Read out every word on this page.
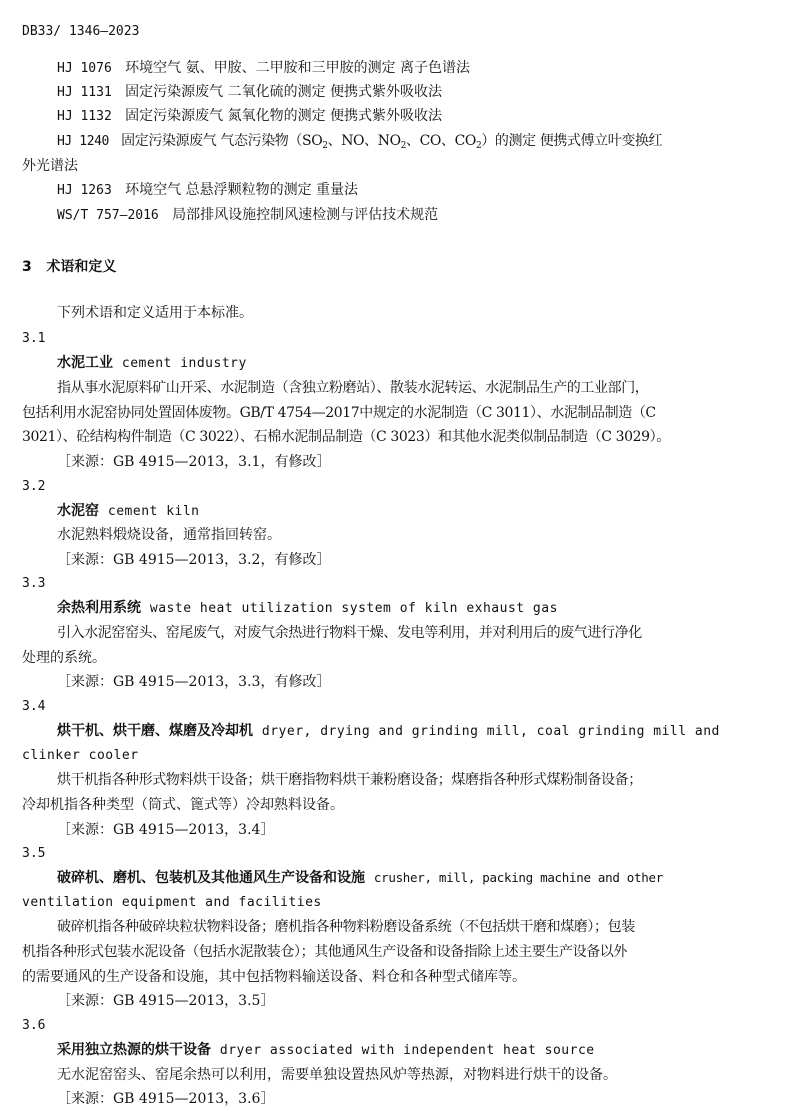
DB33/ 1346—2023
HJ 1076 环境空气 氨、甲胺、二甲胺和三甲胺的测定 离子色谱法
HJ 1131 固定污染源废气 二氧化硫的测定 便携式紫外吸收法
HJ 1132 固定污染源废气 氮氧化物的测定 便携式紫外吸收法
HJ 1240 固定污染源废气 气态污染物（$SO_2$、NO、$NO_2$、CO、$CO_2$）的测定 便携式傅立叶变换红
外光谱法
HJ 1263 环境空气 总悬浮颗粒物的测定 重量法
WS/T 757—2016 局部排风设施控制风速检测与评估技术规范
3 术语和定义
下列术语和定义适用于本标准。
3.1
水泥工业 cement industry
指从事水泥原料矿山开采、水泥制造（含独立粉磨站）、散装水泥转运、水泥制品生产的工业部门，
包括利用水泥窑协同处置固体废物。GB/T 4754—2017中规定的水泥制造（C 3011）、水泥制品制造（C
3021）、砼结构构件制造（C 3022）、石棉水泥制品制造（C 3023）和其他水泥类似制品制造（C 3029）。
［来源：GB 4915—2013，3.1，有修改］
3.2
水泥窑 cement kiln
水泥熟料煅烧设备，通常指回转窑。
［来源：GB 4915—2013，3.2，有修改］
3.3
余热利用系统 waste heat utilization system of kiln exhaust gas
引入水泥窑窑头、窑尾废气，对废气余热进行物料干燥、发电等利用，并对利用后的废气进行净化
处理的系统。
［来源：GB 4915—2013，3.3，有修改］
3.4
烘干机、烘干磨、煤磨及冷却机 dryer, drying and grinding mill, coal grinding mill and
clinker cooler
烘干机指各种形式物料烘干设备；烘干磨指物料烘干兼粉磨设备；煤磨指各种形式煤粉制备设备；
冷却机指各种类型（筒式、篦式等）冷却熟料设备。
［来源：GB 4915—2013，3.4］
3.5
破碎机、磨机、包装机及其他通风生产设备和设施 crusher, mill, packing machine and other
ventilation equipment and facilities
破碎机指各种破碎块粒状物料设备；磨机指各种物料粉磨设备系统（不包括烘干磨和煤磨）；包装
机指各种形式包装水泥设备（包括水泥散装仓）；其他通风生产设备和设备指除上述主要生产设备以外
的需要通风的生产设备和设施，其中包括物料输送设备、料仓和各种型式储库等。
［来源：GB 4915—2013，3.5］
3.6
采用独立热源的烘干设备 dryer associated with independent heat source
无水泥窑窑头、窑尾余热可以利用，需要单独设置热风炉等热源，对物料进行烘干的设备。
［来源：GB 4915—2013，3.6］
